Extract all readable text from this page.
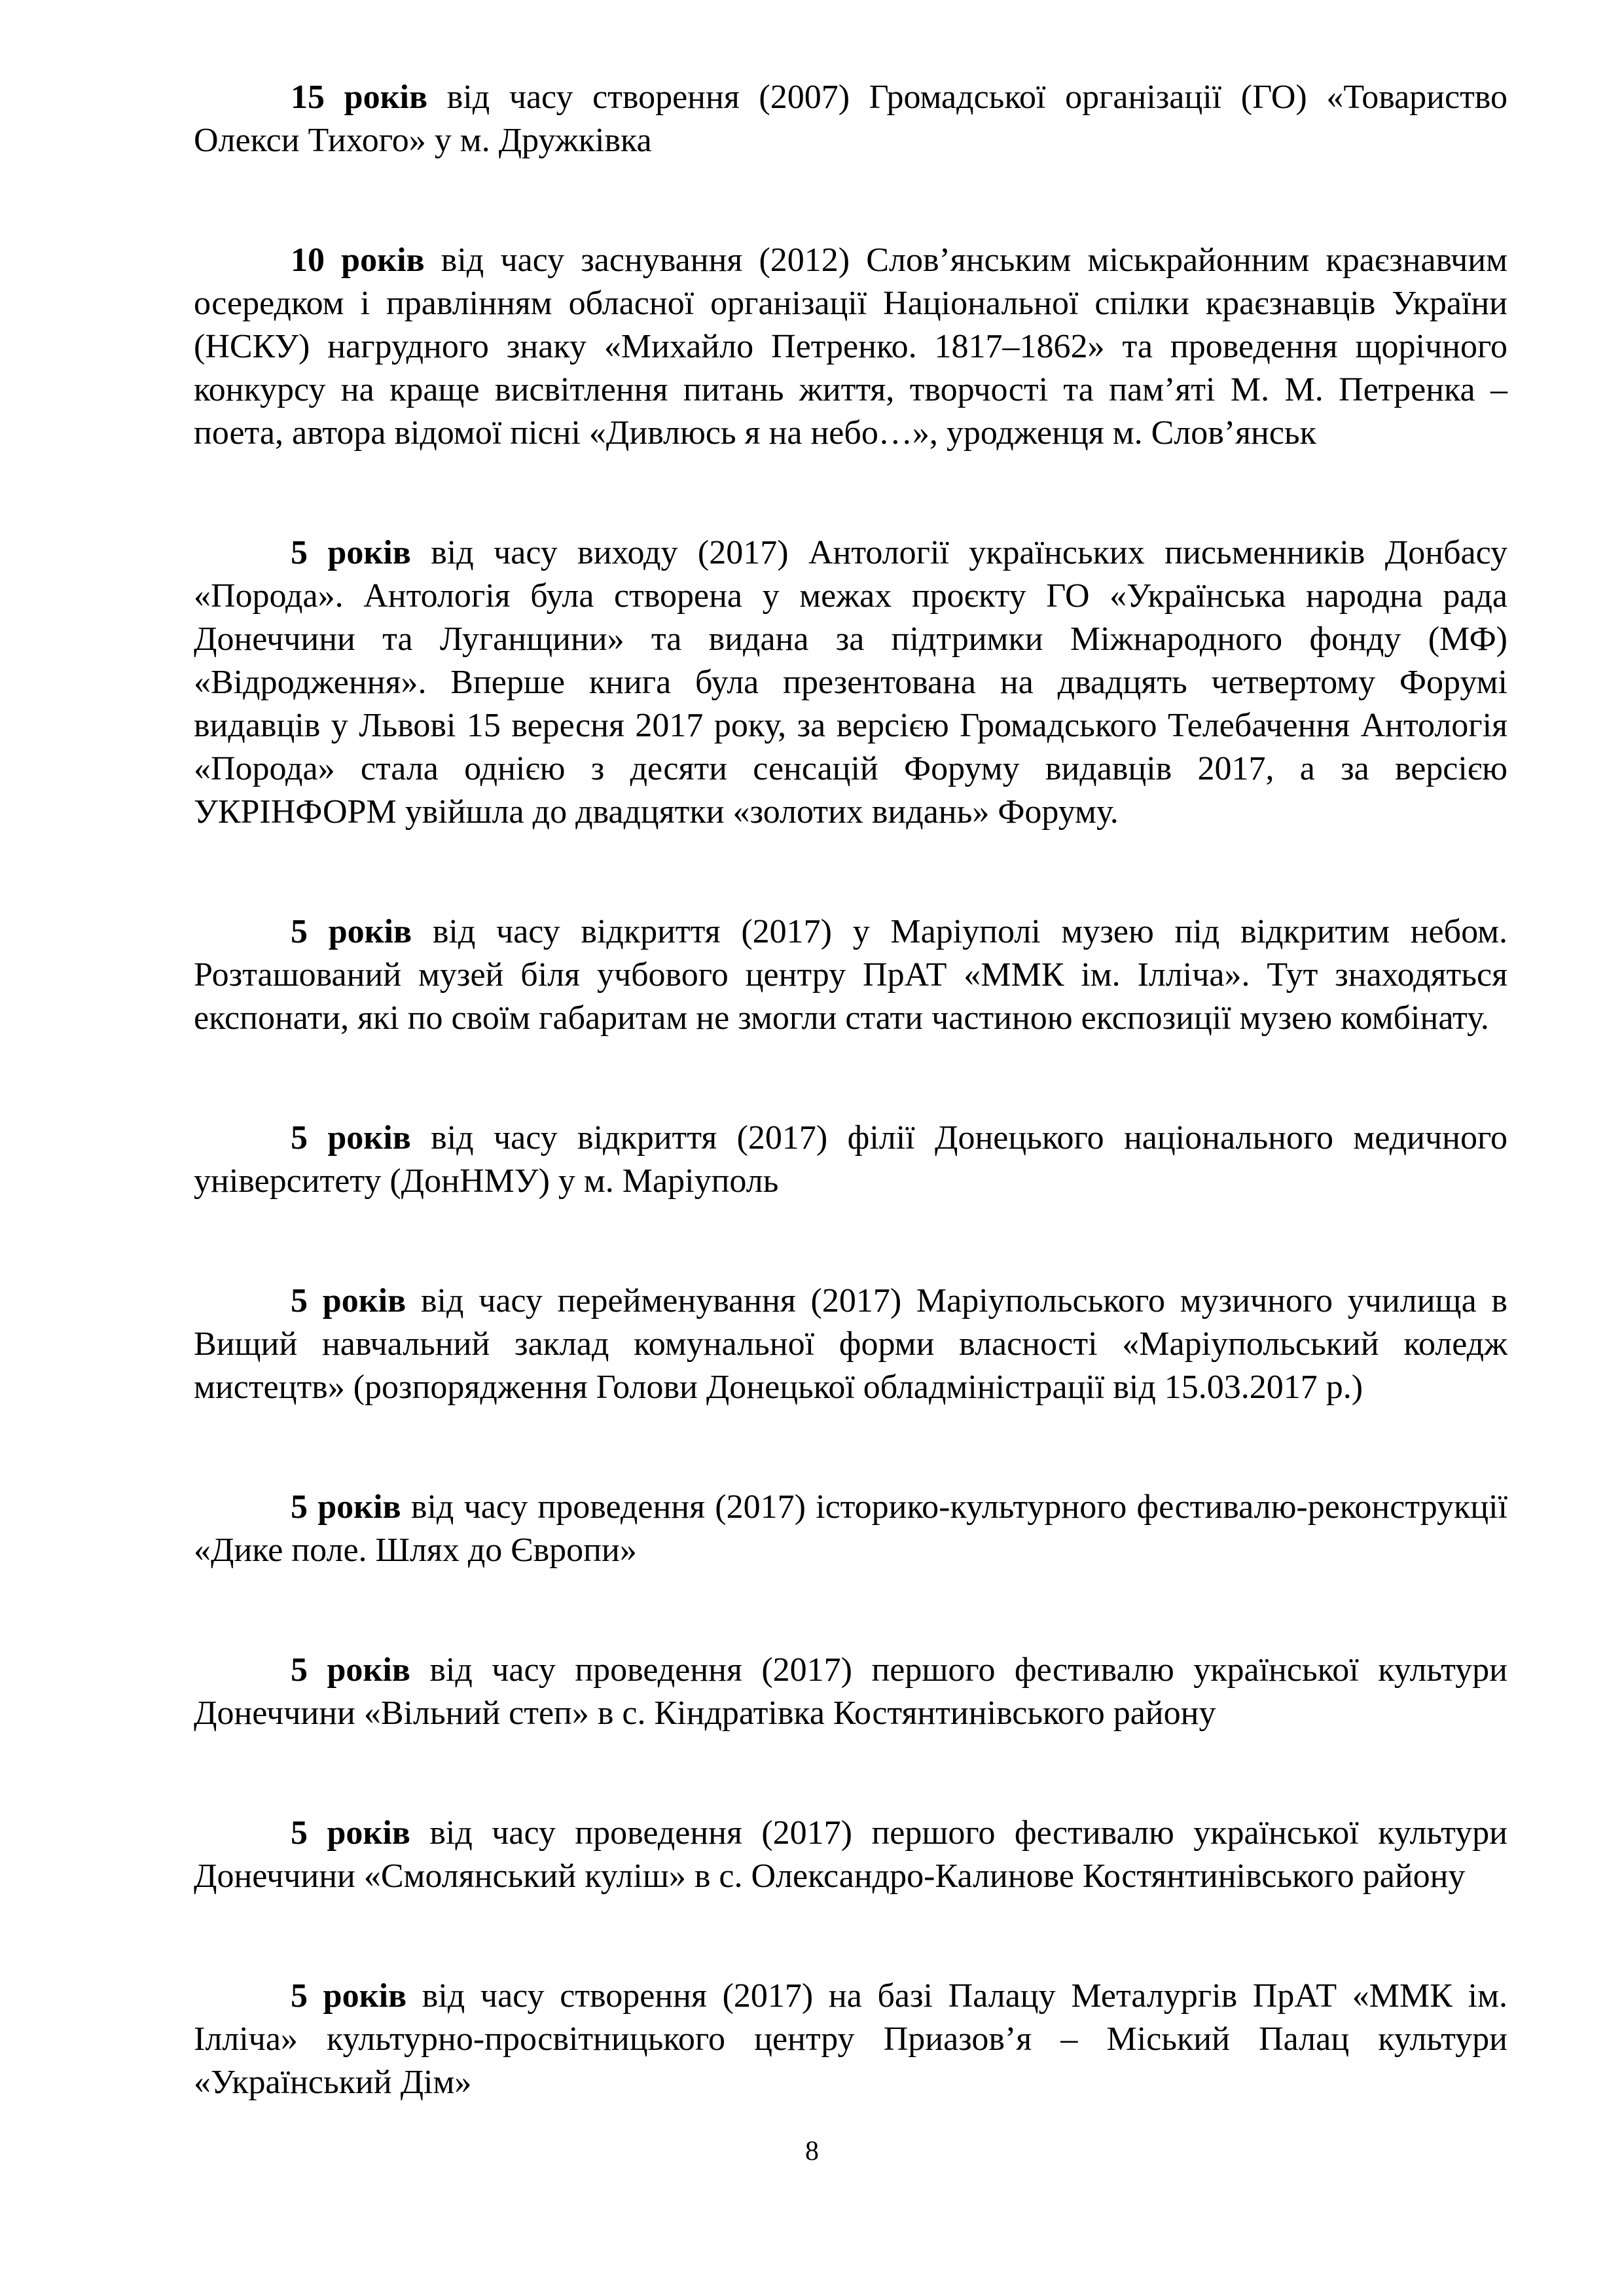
15 років від часу створення (2007) Громадської організації (ГО) «Товариство Олекси Тихого» у м. Дружківка

10 років від часу заснування (2012) Слов’янським міськрайонним краєзнавчим осередком і правлінням обласної організації Національної спілки краєзнавців України (НСКУ) нагрудного знаку «Михайло Петренко. 1817–1862» та проведення щорічного конкурсу на краще висвітлення питань життя, творчості та пам’яті М. М. Петренка – поета, автора відомої пісні «Дивлюсь я на небо…», уродженця м. Слов’янськ

5 років від часу виходу (2017) Антології українських письменників Донбасу «Порода». Антологія була створена у межах проєкту ГО «Українська народна рада Донеччини та Луганщини» та видана за підтримки Міжнародного фонду (МФ) «Відродження». Вперше книга була презентована на двадцять четвертому Форумі видавців у Львові 15 вересня 2017 року, за версією Громадського Телебачення Антологія «Порода» стала однією з десяти сенсацій Форуму видавців 2017, а за версією УКРІНФОРМ увійшла до двадцятки «золотих видань» Форуму.

5 років від часу відкриття (2017) у Маріуполі музею під відкритим небом. Розташований музей біля учбового центру ПрАТ «ММК ім. Ілліча». Тут знаходяться експонати, які по своїм габаритам не змогли стати частиною експозиції музею комбінату.

5 років від часу відкриття (2017) філії Донецького національного медичного університету (ДонНМУ) у м. Маріуполь

5 років від часу перейменування (2017) Маріупольського музичного училища в Вищий навчальний заклад комунальної форми власності «Маріупольський коледж мистецтв» (розпорядження Голови Донецької обладміністрації від 15.03.2017 р.)

5 років від часу проведення (2017) історико-культурного фестивалю-реконструкції «Дике поле. Шлях до Європи»

5 років від часу проведення (2017) першого фестивалю української культури Донеччини «Вільний степ» в с. Кіндратівка Костянтинівського району

5 років від часу проведення (2017) першого фестивалю української культури Донеччини «Смолянський куліш» в с. Олександро-Калинове Костянтинівського району

5 років від часу створення (2017) на базі Палацу Металургів ПрАТ «ММК ім. Ілліча» культурно-просвітницького центру Приазов’я – Міський Палац культури «Український Дім»

8
